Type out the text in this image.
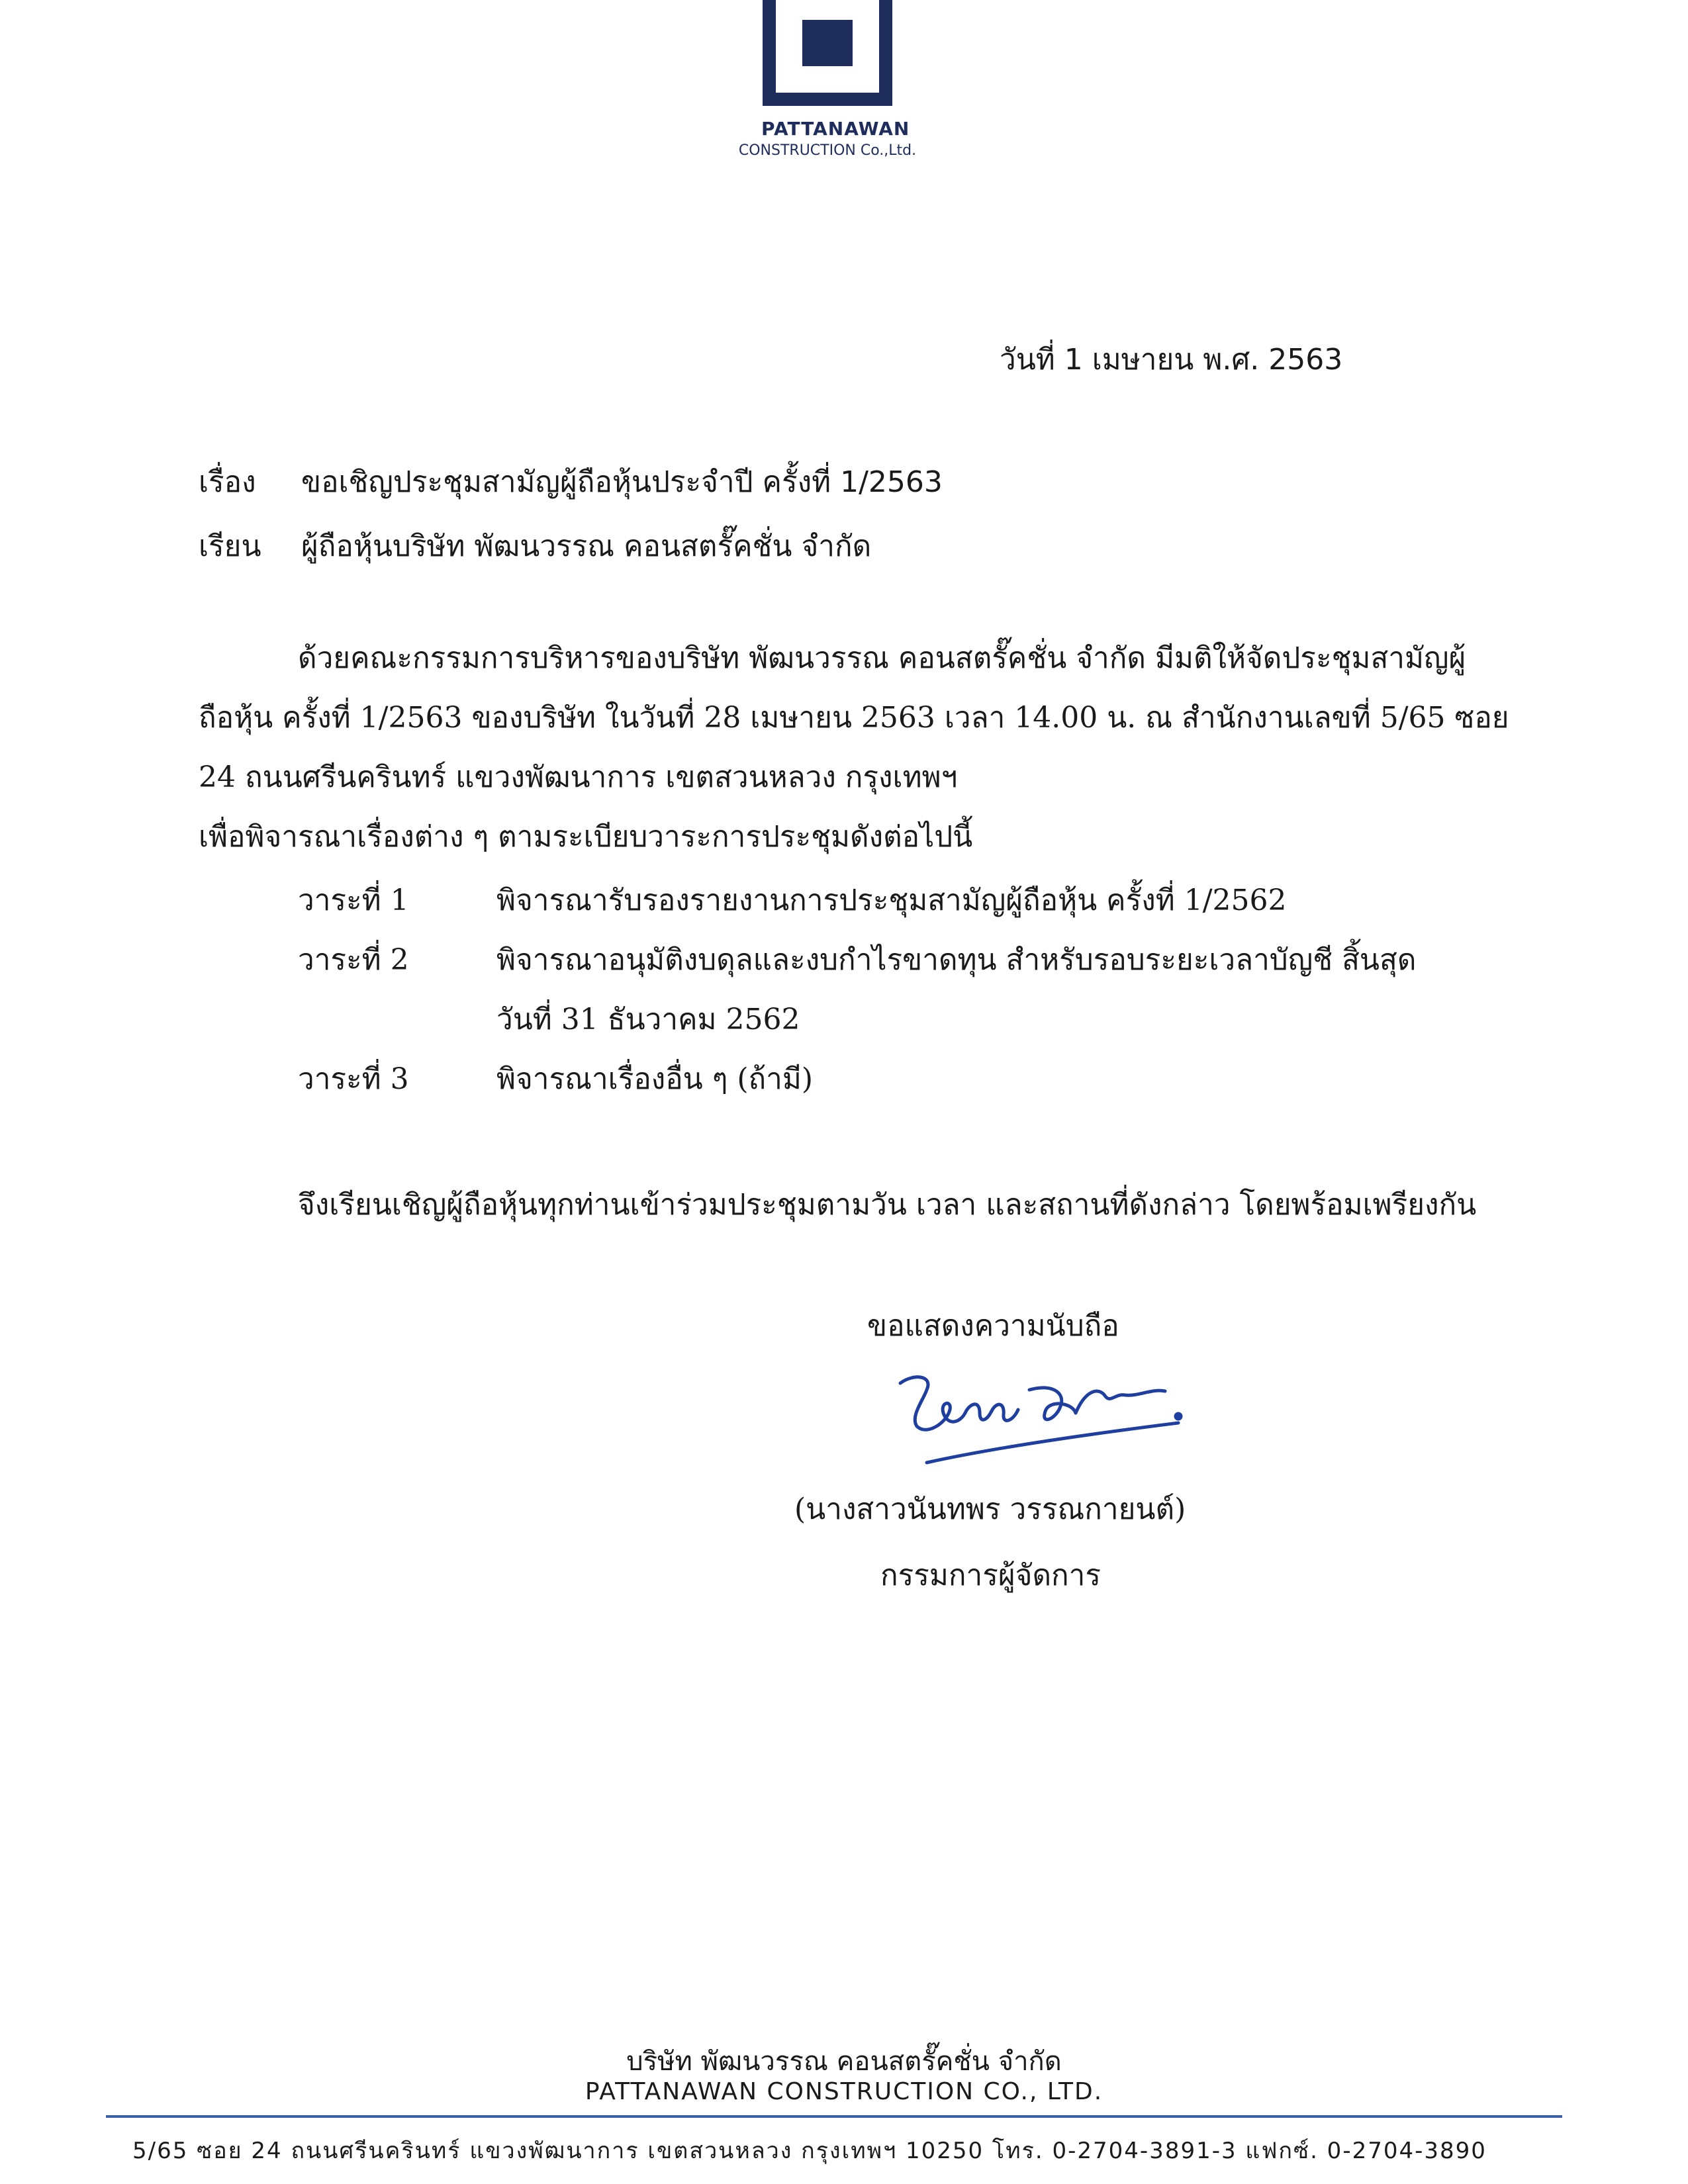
PATTANAWAN
CONSTRUCTION Co.,Ltd.
วันที่ 1 เมษายน พ.ศ. 2563
เรื่อง ขอเชิญประชุมสามัญผู้ถือหุ้นประจำปี ครั้งที่ 1/2563
เรียน ผู้ถือหุ้นบริษัท พัฒนวรรณ คอนสตรั๊คชั่น จำกัด
ด้วยคณะกรรมการบริหารของบริษัท พัฒนวรรณ คอนสตรั๊คชั่น จำกัด มีมติให้จัดประชุมสามัญผู้
ถือหุ้น ครั้งที่ 1/2563 ของบริษัท ในวันที่ 28 เมษายน 2563 เวลา 14.00 น. ณ สำนักงานเลขที่ 5/65 ซอย
24 ถนนศรีนครินทร์ แขวงพัฒนาการ เขตสวนหลวง กรุงเทพฯ
เพื่อพิจารณาเรื่องต่าง ๆ ตามระเบียบวาระการประชุมดังต่อไปนี้
วาระที่ 1	พิจารณารับรองรายงานการประชุมสามัญผู้ถือหุ้น ครั้งที่ 1/2562
วาระที่ 2	พิจารณาอนุมัติงบดุลและงบกำไรขาดทุน สำหรับรอบระยะเวลาบัญชี สิ้นสุด
วันที่ 31 ธันวาคม 2562
วาระที่ 3	พิจารณาเรื่องอื่น ๆ (ถ้ามี)
จึงเรียนเชิญผู้ถือหุ้นทุกท่านเข้าร่วมประชุมตามวัน เวลา และสถานที่ดังกล่าว โดยพร้อมเพรียงกัน
ขอแสดงความนับถือ
(นางสาวนันทพร วรรณกายนต์)
กรรมการผู้จัดการ
บริษัท พัฒนวรรณ คอนสตรั๊คชั่น จำกัด
PATTANAWAN CONSTRUCTION CO., LTD.
5/65 ซอย 24 ถนนศรีนครินทร์ แขวงพัฒนาการ เขตสวนหลวง กรุงเทพฯ 10250 โทร. 0-2704-3891-3 แฟกซ์. 0-2704-3890
